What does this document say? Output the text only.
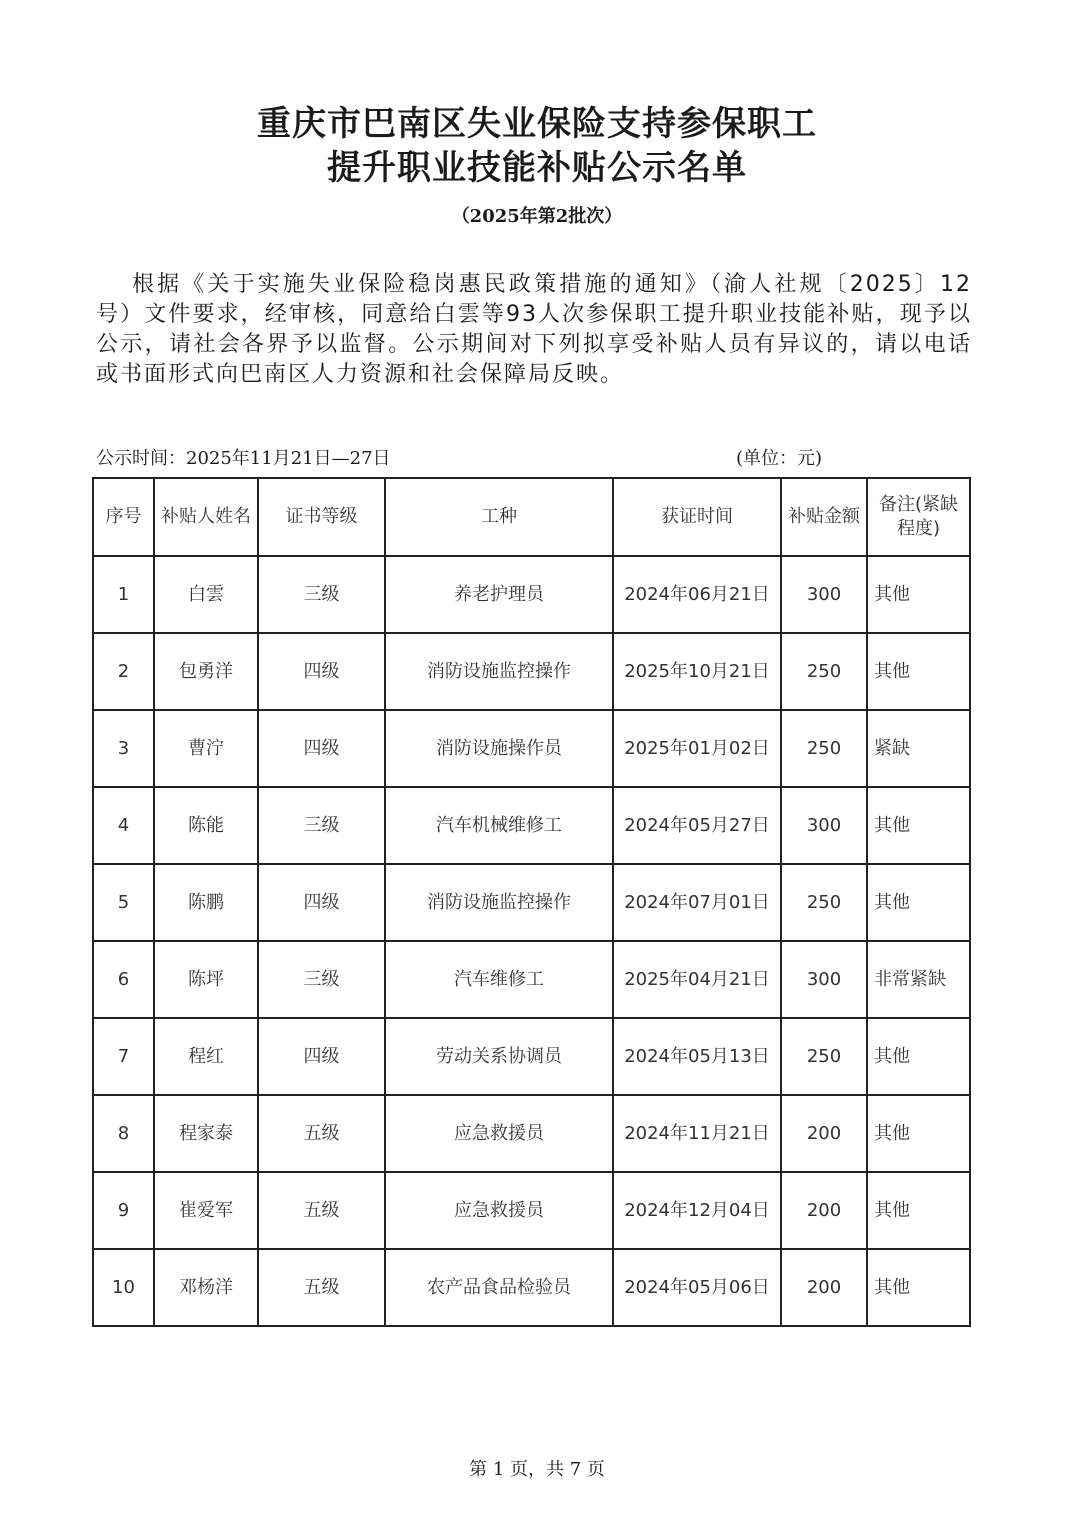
重庆市巴南区失业保险支持参保职工
提升职业技能补贴公示名单
（2025年第2批次）
根据《关于实施失业保险稳岗惠民政策措施的通知》（渝人社规〔2025〕12号）文件要求，经审核，同意给白雲等93人次参保职工提升职业技能补贴，现予以公示，请社会各界予以监督。公示期间对下列拟享受补贴人员有异议的，请以电话或书面形式向巴南区人力资源和社会保障局反映。
公示时间：2025年11月21日—27日	(单位：元)
序号	补贴人姓名	证书等级	工种	获证时间	补贴金额	备注(紧缺程度)
1	白雲	三级	养老护理员	2024年06月21日	300	其他
2	包勇洋	四级	消防设施监控操作	2025年10月21日	250	其他
3	曹泞	四级	消防设施操作员	2025年01月02日	250	紧缺
4	陈能	三级	汽车机械维修工	2024年05月27日	300	其他
5	陈鹏	四级	消防设施监控操作	2024年07月01日	250	其他
6	陈坪	三级	汽车维修工	2025年04月21日	300	非常紧缺
7	程红	四级	劳动关系协调员	2024年05月13日	250	其他
8	程家泰	五级	应急救援员	2024年11月21日	200	其他
9	崔爱军	五级	应急救援员	2024年12月04日	200	其他
10	邓杨洋	五级	农产品食品检验员	2024年05月06日	200	其他
第 1 页，共 7 页
